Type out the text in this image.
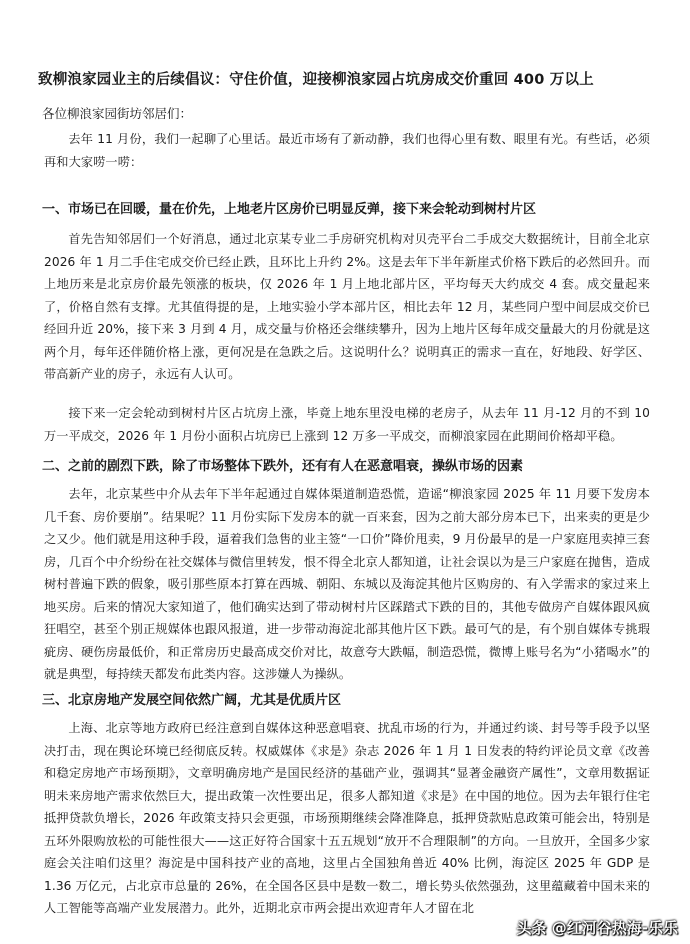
致柳浪家园业主的后续倡议：守住价值，迎接柳浪家园占坑房成交价重回 400 万以上
各位柳浪家园街坊邻居们：
去年 11 月份，我们一起聊了心里话。最近市场有了新动静，我们也得心里有数、眼里有光。有些话，必须再和大家唠一唠：
一、市场已在回暖，量在价先，上地老片区房价已明显反弹，接下来会轮动到树村片区
首先告知邻居们一个好消息，通过北京某专业二手房研究机构对贝壳平台二手成交大数据统计，目前全北京 2026 年 1 月二手住宅成交价已经止跌，且环比上升约 2%。这是去年下半年新崖式价格下跌后的必然回升。而上地历来是北京房价最先领涨的板块，仅 2026 年 1 月上地北部片区，平均每天大约成交 4 套。成交量起来了，价格自然有支撑。尤其值得提的是，上地实验小学本部片区，相比去年 12 月，某些同户型中间层成交价已经回升近 20%，接下来 3 月到 4 月，成交量与价格还会继续攀升，因为上地片区每年成交量最大的月份就是这两个月，每年还伴随价格上涨，更何况是在急跌之后。这说明什么？说明真正的需求一直在，好地段、好学区、带高新产业的房子，永远有人认可。
接下来一定会轮动到树村片区占坑房上涨，毕竟上地东里没电梯的老房子，从去年 11 月-12 月的不到 10 万一平成交，2026 年 1 月份小面积占坑房已上涨到 12 万多一平成交，而柳浪家园在此期间价格却平稳。
二、之前的剧烈下跌，除了市场整体下跌外，还有有人在恶意唱衰，操纵市场的因素
去年，北京某些中介从去年下半年起通过自媒体渠道制造恐慌，造谣“柳浪家园 2025 年 11 月要下发房本几千套、房价要崩”。结果呢？11 月份实际下发房本的就一百来套，因为之前大部分房本已下，出来卖的更是少之又少。他们就是用这种手段，逼着我们急售的业主签“一口价”降价甩卖，9 月份最早的是一户家庭甩卖掉三套房，几百个中介纷纷在社交媒体与微信里转发，恨不得全北京人都知道，让社会误以为是三户家庭在抛售，造成树村普遍下跌的假象，吸引那些原本打算在西城、朝阳、东城以及海淀其他片区购房的、有入学需求的家过来上地买房。后来的情况大家知道了，他们确实达到了带动树村片区踩踏式下跌的目的，其他专做房产自媒体跟风疯狂唱空，甚至个别正规媒体也跟风报道，进一步带动海淀北部其他片区下跌。最可气的是，有个别自媒体专挑瑕疵房、硬伤房最低价，和正常房历史最高成交价对比，故意夸大跌幅，制造恐慌，微博上账号名为“小猪喝水”的就是典型，每持续天都发布此类内容。这涉嫌人为操纵。
三、北京房地产发展空间依然广阔，尤其是优质片区
上海、北京等地方政府已经注意到自媒体这种恶意唱衰、扰乱市场的行为，并通过约谈、封号等手段予以坚决打击，现在舆论环境已经彻底反转。权威媒体《求是》杂志 2026 年 1 月 1 日发表的特约评论员文章《改善和稳定房地产市场预期》，文章明确房地产是国民经济的基础产业，强调其“显著金融资产属性”，文章用数据证明未来房地产需求依然巨大，提出政策一次性要出足，很多人都知道《求是》在中国的地位。因为去年银行住宅抵押贷款负增长，2026 年政策支持只会更强，市场预期继续会降准降息，抵押贷款贴息政策可能会出，特别是五环外限购放松的可能性很大——这正好符合国家十五五规划“放开不合理限制”的方向。一旦放开，全国多少家庭会关注咱们这里？海淀是中国科技产业的高地，这里占全国独角兽近 40% 比例，海淀区 2025 年 GDP 是 1.36 万亿元，占北京市总量的 26%，在全国各区县中是数一数二，增长势头依然强劲，这里蕴藏着中国未来的人工智能等高端产业发展潜力。此外，近期北京市两会提出欢迎青年人才留在北
头条 @红河谷热海-乐乐
